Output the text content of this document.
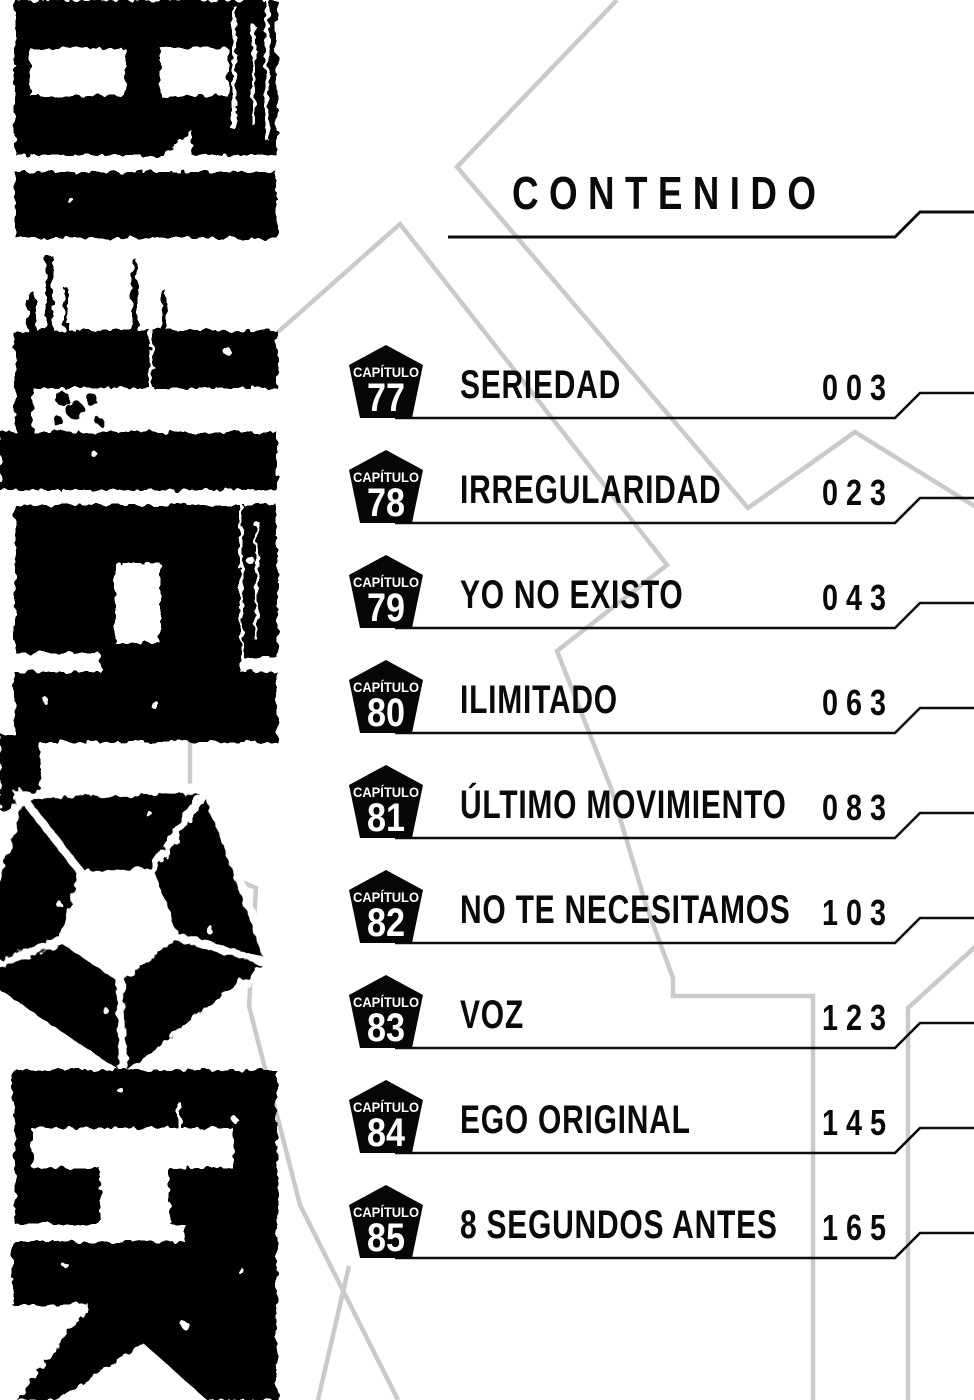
CONTENIDO
CAPÍTULO
77 SERIEDAD	003
CAPÍTULO
78 IRREGULARIDAD	023
CAPÍTULO
79 YO NO EXISTO	043
CAPÍTULO
80 ILIMITADO	063
CAPÍTULO
81 ÚLTIMO MOVIMIENTO 083
CAPÍTULO
82 NO TE NECESITAMOS 103
CAPÍTULO
83 VOZ	123
CAPÍTULO
84 EGO ORIGINAL	145
CAPÍTULO
85 8 SEGUNDOS ANTES 165
